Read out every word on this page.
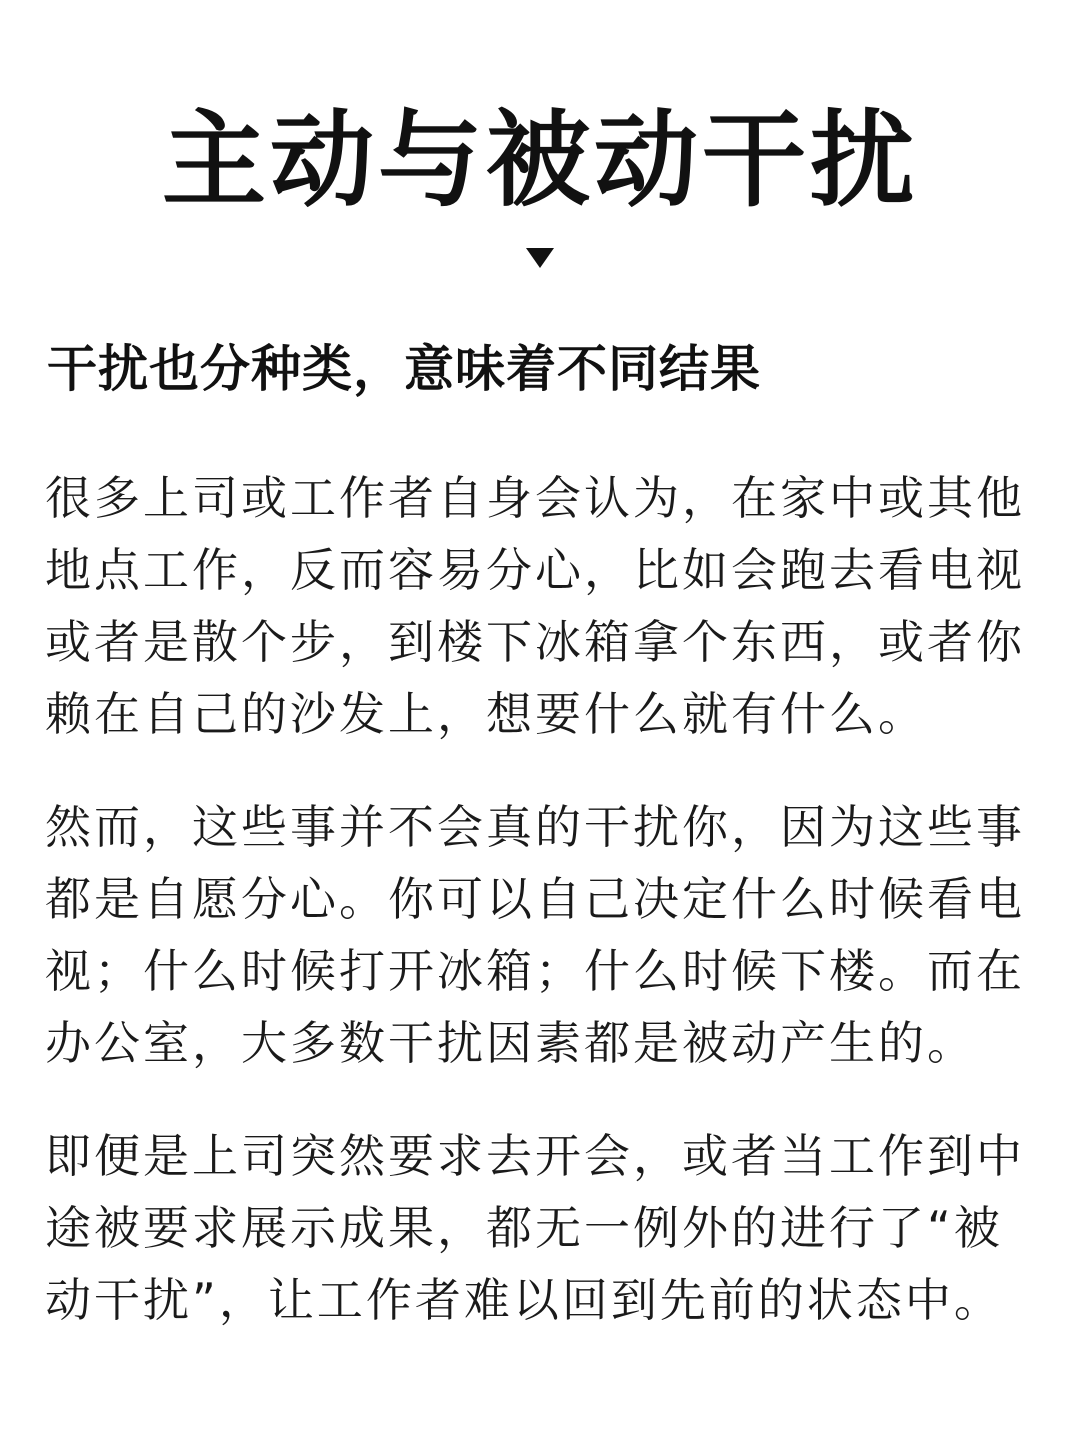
主动与被动干扰
干扰也分种类，意味着不同结果

很多上司或工作者自身会认为，在家中或其他地点工作，反而容易分心，比如会跑去看电视或者是散个步，到楼下冰箱拿个东西，或者你赖在自己的沙发上，想要什么就有什么。

然而，这些事并不会真的干扰你，因为这些事都是自愿分心。你可以自己决定什么时候看电视；什么时候打开冰箱；什么时候下楼。而在办公室，大多数干扰因素都是被动产生的。

即便是上司突然要求去开会，或者当工作到中途被要求展示成果，都无一例外的进行了“被动干扰”，让工作者难以回到先前的状态中。
